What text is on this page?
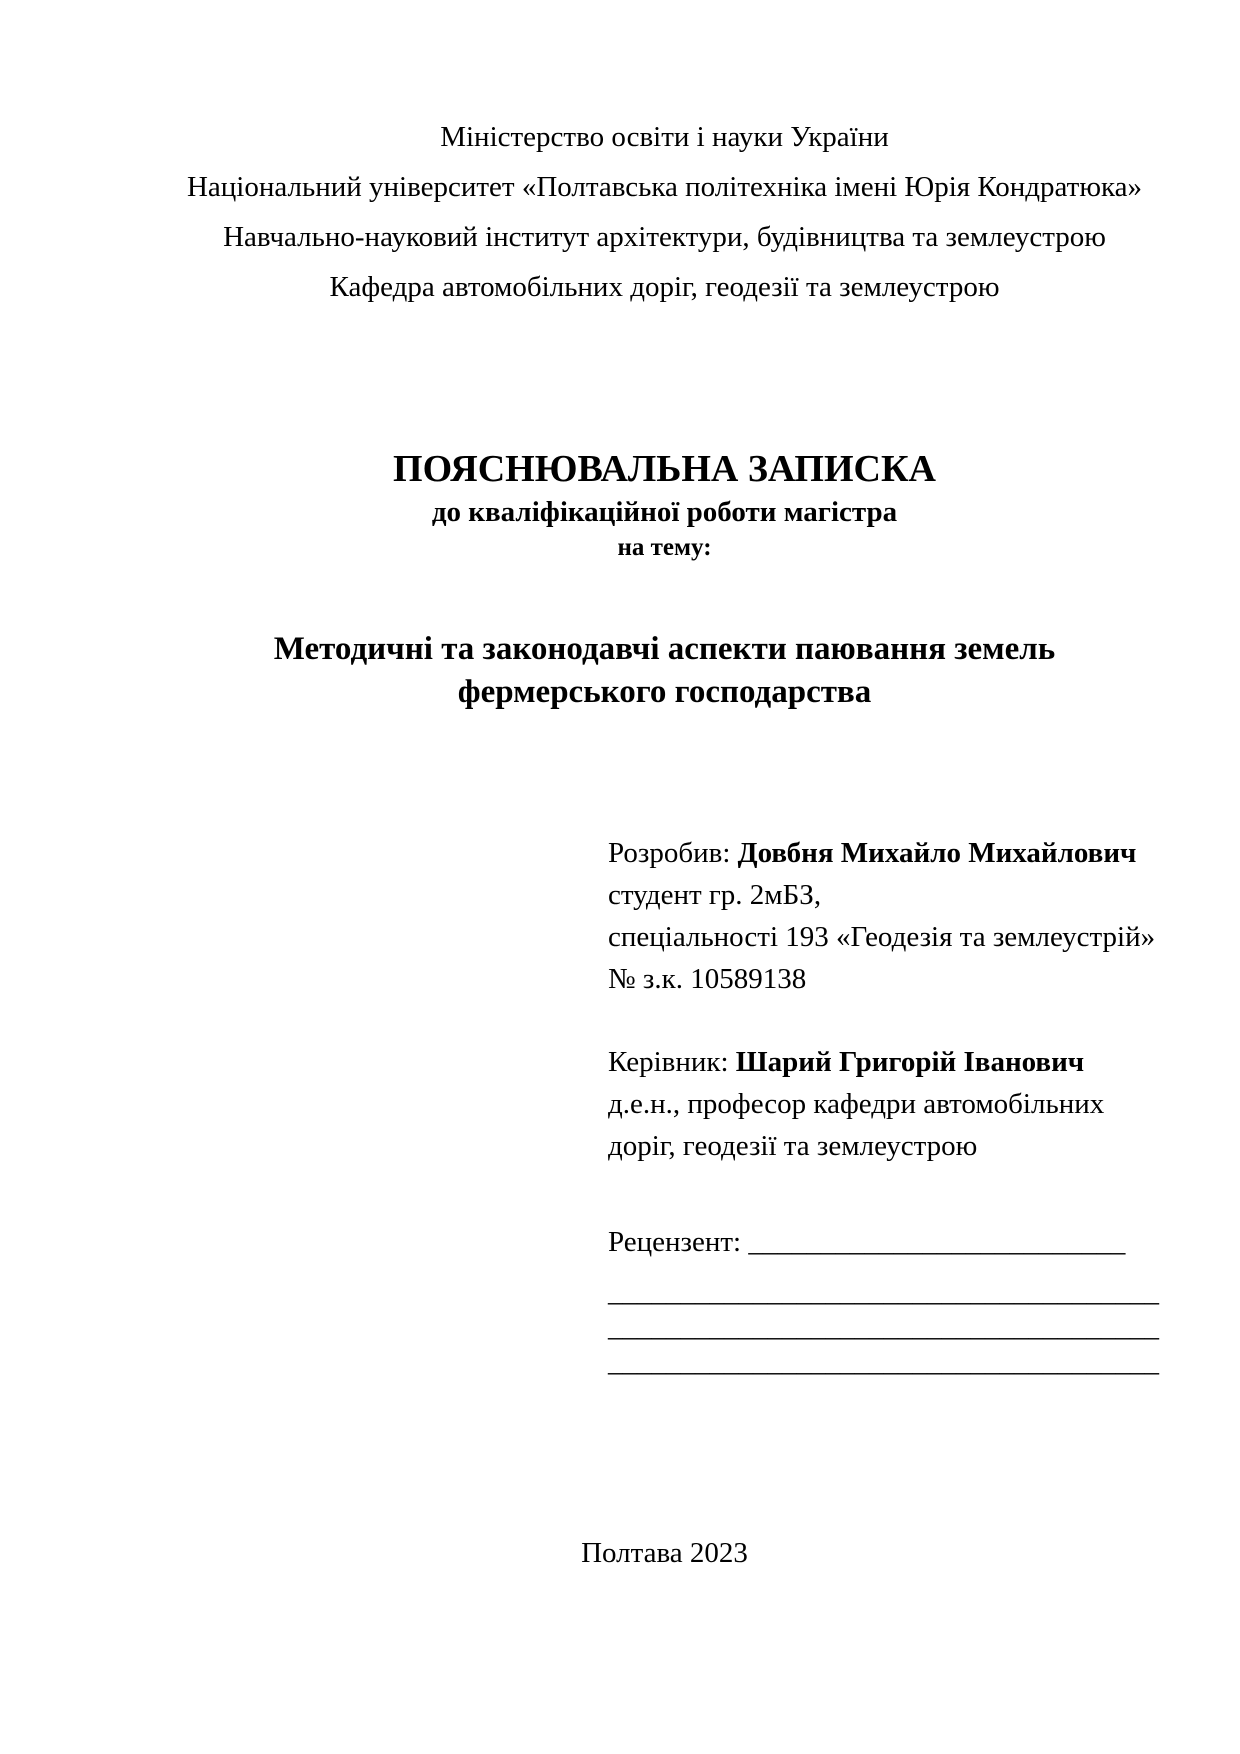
Міністерство освіти і науки України

Національний університет «Полтавська політехніка імені Юрія Кондратюка»

Навчально-науковий інститут архітектури, будівництва та землеустрою

Кафедра автомобільних доріг, геодезії та землеустрою

ПОЯСНЮВАЛЬНА ЗАПИСКА

до кваліфікаційної роботи магістра

на тему:

Методичні та законодавчі аспекти паювання земель

фермерського господарства

Розробив: Довбня Михайло Михайлович

студент гр. 2мБЗ,

спеціальності 193 «Геодезія та землеустрій»

№ з.к. 10589138

Керівник: Шарий Григорій Іванович

д.е.н., професор кафедри автомобільних

доріг, геодезії та землеустрою

Рецензент: __________________________

______________________________________

______________________________________

______________________________________

Полтава 2023
